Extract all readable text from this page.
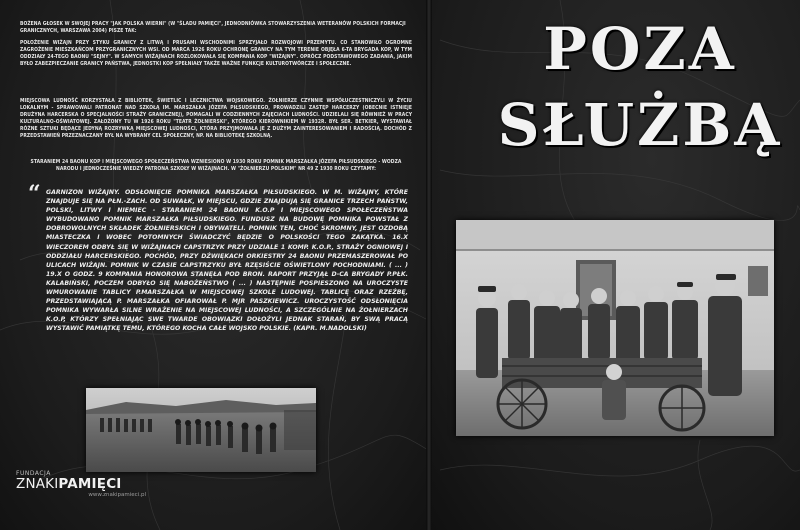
BOŻENA GŁOSEK W SWOJEJ PRACY "JAK POLSKA WIERNI" (W "ŚLADU PAMIĘCI", JEDNODNIÓWKA STOWARZYSZENIA WETERANÓW POLSKICH FORMACJI GRANICZNYCH, WARSZAWA 2004) PISZE TAK:
POŁOŻENIE WIŻAJN PRZY STYKU GRANICY Z LITWĄ I PRUSAMI WSCHODNIMI SPRZYJAŁO ROZWOJOWI PRZEMYTU. CO STANOWIŁO OGROMNE ZAGROŻENIE MIESZKAŃCOM PRZYGRANICZNYCH WSI. OD MARCA 1926 ROKU OCHRONĘ GRANICY NA TYM TERENIE OBJĘŁA 6-TA BRYGADA KOP, W TYM ODDZIAŁY 24-TEGO BAONU "SEJNY". W SAMYCH WIŻAJNACH ROZLOKOWAŁA SIĘ KOMPANIA KOP "WIŻAJNY". OPRÓCZ PODSTAWOWEGO ZADANIA, JAKIM BYŁO ZABEZPIECZANIE GRANICY PAŃSTWA, JEDNOSTKI KOP SPEŁNIAŁY TAKŻE WAŻNE FUNKCJE KULTUROTWÓRCZE I SPOŁECZNE.
MIEJSCOWA LUDNOŚĆ KORZYSTAŁA Z BIBLIOTEK, ŚWIETLIC I LECZNICTWA WOJSKOWEGO. ŻOŁNIERZE CZYNNIE WSPÓŁUCZESTNICZYLI W ŻYCIU LOKALNYM - SPRAWOWALI PATRONAT NAD SZKOŁĄ IM. MARSZAŁKA JÓZEFA PIŁSUDSKIEGO, PROWADZILI ZASTĘP HARCERZY (OBECNIE ISTNIEJE DRUŻYNA HARCERSKA O SPECJALNOŚCI STRAŻY GRANICZNEJ), POMAGALI W CODZIENNYCH ZAJĘCIACH LUDNOŚCI. UDZIELALI SIĘ RÓWNIEŻ W PRACY KULTURALNO-OŚWIATOWEJ. ZAŁOŻONY TU W 1926 ROKU "TEATR ŻOŁNIERSKI", KTÓREGO KIEROWNIKIEM W 1932R. BYŁ SER. BETKIER, WYSTAWIAŁ RÓŻNE SZTUKI BĘDĄCE JEDYNĄ ROZRYWKĄ MIEJSCOWEJ LUDNOŚCI, KTÓRA PRZYJMOWAŁA JE Z DUŻYM ZAINTERESOWANIEM I RADOŚCIĄ. DOCHÓD Z PRZEDSTAWIEŃ PRZEZNACZANY BYŁ NA WYBRANY CEL SPOŁECZNY, NP. NA BIBLIOTEKĘ SZKOLNĄ.
STARANIEM 24 BAONU KOP I MIEJSCOWEGO SPOŁECZEŃSTWA WZNIESIONO W 1930 ROKU POMNIK MARSZAŁKA JÓZEFA PIŁSUDSKIEGO - WODZA NARODU I JEDNOCZEŚNIE WIEDZY PATRONA SZKOŁY W WIŻAJNACH. W "ŻOŁNIERZU POLSKIM" NR 49 Z 1930 ROKU CZYTAMY:
“ GARNIZON WIŻAJNY. ODSŁONIĘCIE POMNIKA MARSZAŁKA PIŁSUDSKIEGO. W M. WIŻAJNY, KTÓRE ZNAJDUJE SIĘ NA PŁN.-ZACH. OD SUWAŁK, W MIEJSCU, GDZIE ZNAJDUJĄ SIĘ GRANICE TRZECH PAŃSTW, POLSKI, LITWY I NIEMIEC - STARANIEM 24 BAONU K.O.P I MIEJSCOWEGO SPOŁECZEŃSTWA WYBUDOWANO POMNIK MARSZAŁKA PIŁSUDSKIEGO. FUNDUSZ NA BUDOWĘ POMNIKA POWSTAŁ Z DOBROWOLNYCH SKŁADEK ŻOŁNIERSKICH I OBYWATELI. POMNIK TEN, CHOĆ SKROMNY, JEST OZDOBĄ MIASTECZKA I WOBEC POTOMNYCH ŚWIADCZYĆ BĘDZIE O POLSKOŚCI TEGO ZAKĄTKA. 16.X WIECZOREM ODBYŁ SIĘ W WIŻAJNACH CAPSTRZYK PRZY UDZIALE 1 KOMP. K.O.P., STRAŻY OGNIOWEJ I ODDZIAŁU HARCERSKIEGO. POCHÓD, PRZY DŹWIĘKACH ORKIESTRY 24 BAONU PRZEMASZEROWAŁ PO ULICACH WIŻAJN. POMNIK W CZASIE CAPSTRZYKU BYŁ RZĘSIŚCIE OŚWIETLONY POCHODNIAMI. ( ... ) 19.X O GODZ. 9 KOMPANIA HONOROWA STANĘŁA POD BRON. RAPORT PRZYJĄŁ D-CA BRYGADY P.PŁK. KALABIŃSKI, POCZEM ODBYŁO SIĘ NABOŻEŃSTWO ( ... ) NASTĘPNIE POSPIESZONO NA UROCZYSTE WMUROWANIE TABLICY P.MARSZAŁKA W MIEJSCOWEJ SZKOLE LUDOWEJ. TABLICĘ ORAZ RZEŹBĘ, PRZEDSTAWIAJĄCĄ P. MARSZAŁKA OFIAROWAŁ P. MJR PASZKIEWICZ. UROCZYSTOŚĆ ODSŁONIĘCIA POMNIKA WYWARŁA SILNE WRAŻENIE NA MIEJSCOWEJ LUDNOŚCI, A SZCZEGÓLNIE NA ŻOŁNIERZACH K.O.P, KTÓRZY SPEŁNIAJĄC SWE TWARDE OBOWIĄZKI DOŁOŻYLI JEDNAK STARAŃ, BY SWĄ PRACĄ WYSTAWIĆ PAMIĄTKĘ TEMU, KTÓREGO KOCHA CAŁE WOJSKO POLSKIE. (KAPR. M.NADOLSKI)
FUNDACJA
ZNAKIPAMIĘCI
www.znakipamieci.pl
POZA
SŁUŻBĄ
